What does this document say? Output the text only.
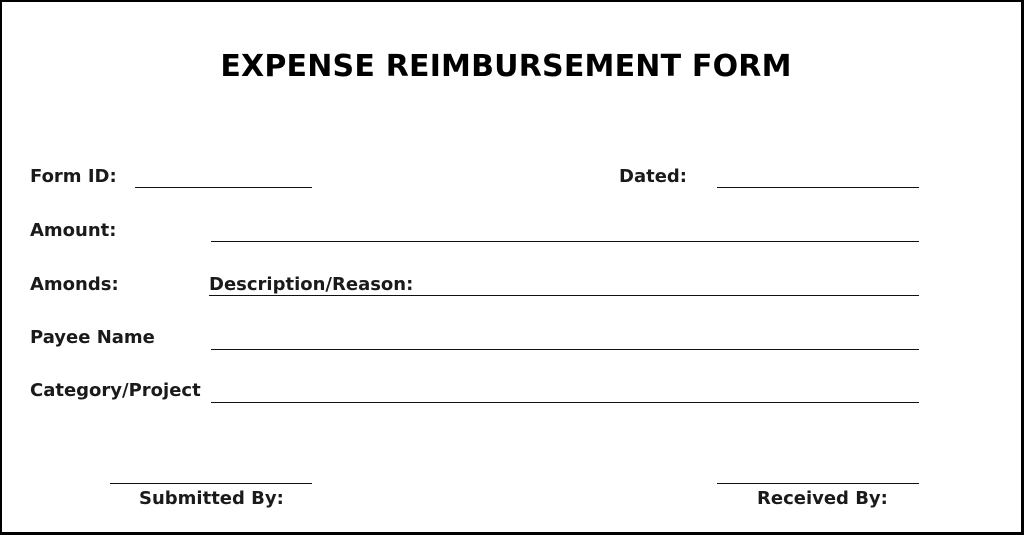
EXPENSE REIMBURSEMENT FORM
Form ID:	Dated:
Amount:
Amonds:	Description/Reason:
Payee Name
Category/Project
Submitted By:	Received By:
